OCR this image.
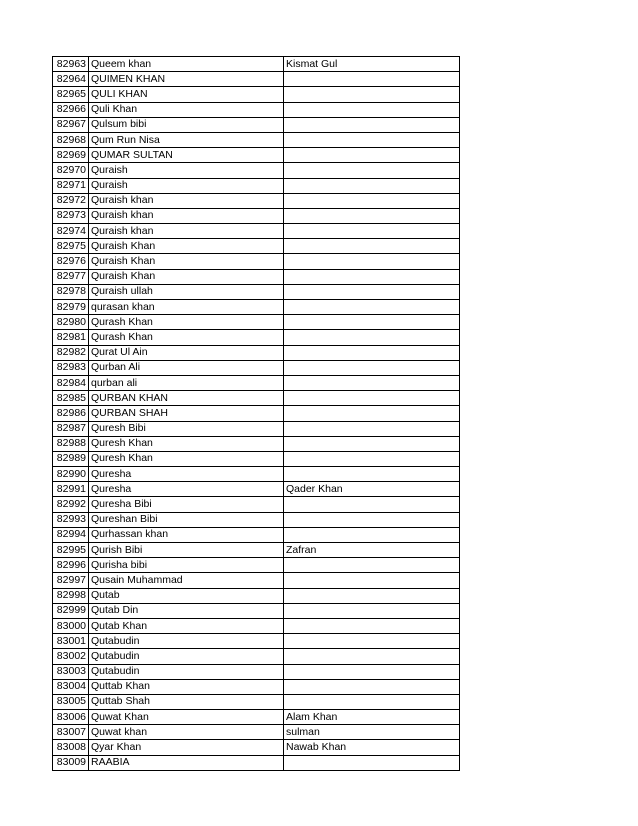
82963	Queem khan	Kismat Gul
82964	QUIMEN KHAN	
82965	QULI KHAN	
82966	Quli Khan	
82967	Qulsum bibi	
82968	Qum Run Nisa	
82969	QUMAR SULTAN	
82970	Quraish	
82971	Quraish	
82972	Quraish khan	
82973	Quraish khan	
82974	Quraish khan	
82975	Quraish Khan	
82976	Quraish Khan	
82977	Quraish Khan	
82978	Quraish ullah	
82979	qurasan khan	
82980	Qurash Khan	
82981	Qurash Khan	
82982	Qurat Ul Ain	
82983	Qurban Ali	
82984	qurban ali	
82985	QURBAN KHAN	
82986	QURBAN SHAH	
82987	Quresh Bibi	
82988	Quresh Khan	
82989	Quresh Khan	
82990	Quresha	
82991	Quresha	Qader Khan
82992	Quresha Bibi	
82993	Qureshan Bibi	
82994	Qurhassan khan	
82995	Qurish Bibi	Zafran
82996	Qurisha bibi	
82997	Qusain Muhammad	
82998	Qutab	
82999	Qutab Din	
83000	Qutab Khan	
83001	Qutabudin	
83002	Qutabudin	
83003	Qutabudin	
83004	Quttab Khan	
83005	Quttab Shah	
83006	Quwat Khan	Alam Khan
83007	Quwat khan	sulman
83008	Qyar Khan	Nawab Khan
83009	RAABIA	
